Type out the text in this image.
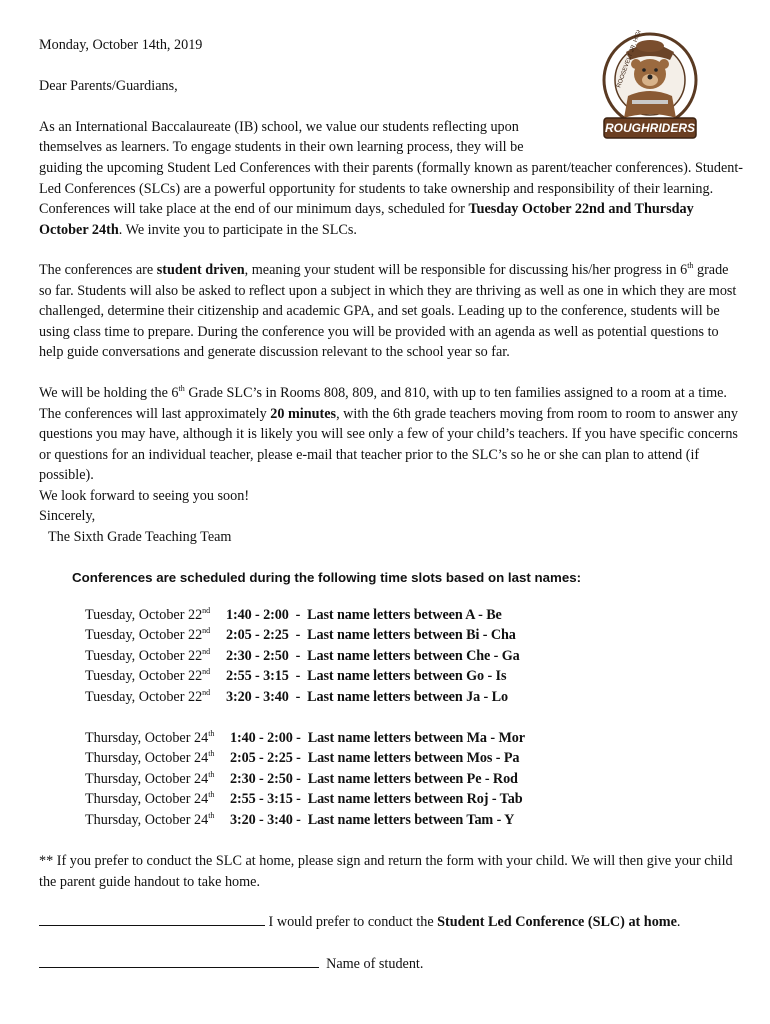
Monday, October 14th, 2019
Dear Parents/Guardians,
ROUGHRIDERS
ROOSEVELT JR. HIGH
As an International Baccalaureate (IB) school, we value our students reflecting upon
themselves as learners. To engage students in their own learning process, they will be

guiding the upcoming Student Led Conferences with their parents (formally known as parent/teacher conferences). Student-Led Conferences (SLCs) are a powerful opportunity for students to take ownership and responsibility of their learning. Conferences will take place at the end of our minimum days, scheduled for Tuesday October 22nd and Thursday October 24th. We invite you to participate in the SLCs.

The conferences are student driven, meaning your student will be responsible for discussing his/her progress in 6th grade so far. Students will also be asked to reflect upon a subject in which they are thriving as well as one in which they are most challenged, determine their citizenship and academic GPA, and set goals. Leading up to the conference, students will be using class time to prepare. During the conference you will be provided with an agenda as well as potential questions to help guide conversations and generate discussion relevant to the school year so far.

We will be holding the 6th Grade SLC’s in Rooms 808, 809, and 810, with up to ten families assigned to a room at a time. The conferences will last approximately 20 minutes, with the 6th grade teachers moving from room to room to answer any questions you may have, although it is likely you will see only a few of your child’s teachers. If you have specific concerns or questions for an individual teacher, please e-mail that teacher prior to the SLC’s so he or she can plan to attend (if possible).

We look forward to seeing you soon!
Sincerely,
The Sixth Grade Teaching Team
Conferences are scheduled during the following time slots based on last names:
Tuesday, October 22nd 1:40 - 2:00  -  Last name letters between A - Be
Tuesday, October 22nd 2:05 - 2:25  -  Last name letters between Bi - Cha
Tuesday, October 22nd 2:30 - 2:50  -  Last name letters between Che - Ga
Tuesday, October 22nd 2:55 - 3:15  -  Last name letters between Go - Is
Tuesday, October 22nd 3:20 - 3:40  -  Last name letters between Ja - Lo
Thursday, October 24th 1:40 - 2:00 -  Last name letters between Ma - Mor
Thursday, October 24th 2:05 - 2:25 -  Last name letters between Mos - Pa
Thursday, October 24th 2:30 - 2:50 -  Last name letters between Pe - Rod
Thursday, October 24th 2:55 - 3:15 -  Last name letters between Roj - Tab
Thursday, October 24th 3:20 - 3:40 -  Last name letters between Tam - Y

** If you prefer to conduct the SLC at home, please sign and return the form with your child. We will then give your child the parent guide handout to take home.

I would prefer to conduct the Student Led Conference (SLC) at home.
Name of student.
